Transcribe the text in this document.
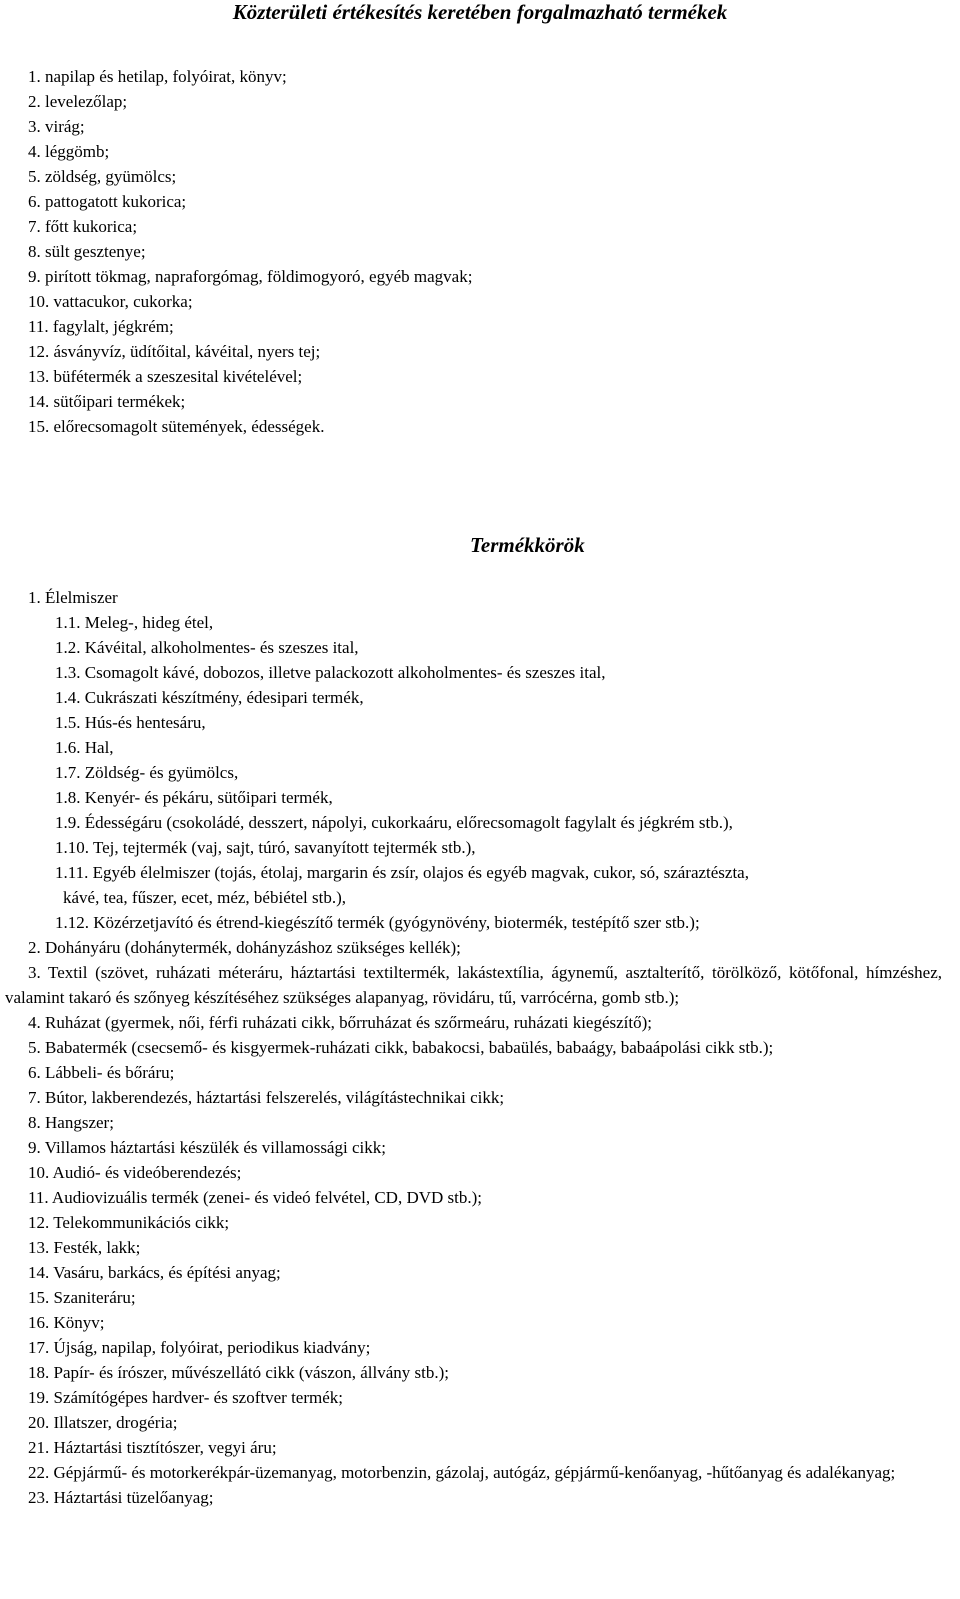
Közterületi értékesítés keretében forgalmazható termékek
1. napilap és hetilap, folyóirat, könyv;
2. levelezőlap;
3. virág;
4. léggömb;
5. zöldség, gyümölcs;
6. pattogatott kukorica;
7. főtt kukorica;
8. sült gesztenye;
9. pirított tökmag, napraforgómag, földimogyoró, egyéb magvak;
10. vattacukor, cukorka;
11. fagylalt, jégkrém;
12. ásványvíz, üdítőital, kávéital, nyers tej;
13. büfétermék a szeszesital kivételével;
14. sütőipari termékek;
15. előrecsomagolt sütemények, édességek.
Termékkörök
1. Élelmiszer
1.1. Meleg-, hideg étel,
1.2. Kávéital, alkoholmentes- és szeszes ital,
1.3. Csomagolt kávé, dobozos, illetve palackozott alkoholmentes- és szeszes ital,
1.4. Cukrászati készítmény, édesipari termék,
1.5. Hús-és hentesáru,
1.6. Hal,
1.7. Zöldség- és gyümölcs,
1.8. Kenyér- és pékáru, sütőipari termék,
1.9. Édességáru (csokoládé, desszert, nápolyi, cukorkaáru, előrecsomagolt fagylalt és jégkrém stb.),
1.10. Tej, tejtermék (vaj, sajt, túró, savanyított tejtermék stb.),
1.11. Egyéb élelmiszer (tojás, étolaj, margarin és zsír, olajos és egyéb magvak, cukor, só, száraztészta,
kávé, tea, fűszer, ecet, méz, bébiétel stb.),
1.12. Közérzetjavító és étrend-kiegészítő termék (gyógynövény, biotermék, testépítő szer stb.);
2. Dohányáru (dohánytermék, dohányzáshoz szükséges kellék);
3. Textil (szövet, ruházati méteráru, háztartási textiltermék, lakástextília, ágynemű, asztalterítő, törölköző, kötőfonal, hímzéshez, valamint takaró és szőnyeg készítéséhez szükséges alapanyag, rövidáru, tű, varrócérna, gomb stb.);
4. Ruházat (gyermek, női, férfi ruházati cikk, bőrruházat és szőrmeáru, ruházati kiegészítő);
5. Babatermék (csecsemő- és kisgyermek-ruházati cikk, babakocsi, babaülés, babaágy, babaápolási cikk stb.);
6. Lábbeli- és bőráru;
7. Bútor, lakberendezés, háztartási felszerelés, világítástechnikai cikk;
8. Hangszer;
9. Villamos háztartási készülék és villamossági cikk;
10. Audió- és videóberendezés;
11. Audiovizuális termék (zenei- és videó felvétel, CD, DVD stb.);
12. Telekommunikációs cikk;
13. Festék, lakk;
14. Vasáru, barkács, és építési anyag;
15. Szaniteráru;
16. Könyv;
17. Újság, napilap, folyóirat, periodikus kiadvány;
18. Papír- és írószer, művészellátó cikk (vászon, állvány stb.);
19. Számítógépes hardver- és szoftver termék;
20. Illatszer, drogéria;
21. Háztartási tisztítószer, vegyi áru;
22. Gépjármű- és motorkerékpár-üzemanyag, motorbenzin, gázolaj, autógáz, gépjármű-kenőanyag, -hűtőanyag és adalékanyag;
23. Háztartási tüzelőanyag;
